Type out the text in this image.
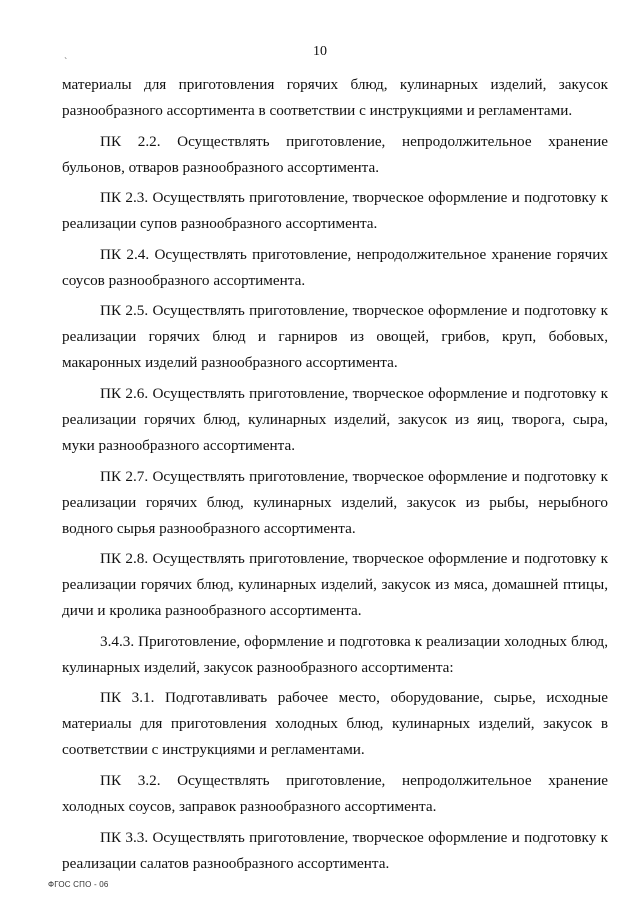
10
ˋ

материалы для приготовления горячих блюд, кулинарных изделий, закусок разнообразного ассортимента в соответствии с инструкциями и регламентами.

ПК 2.2. Осуществлять приготовление, непродолжительное хранение бульонов, отваров разнообразного ассортимента.

ПК 2.3. Осуществлять приготовление, творческое оформление и подготовку к реализации супов разнообразного ассортимента.

ПК 2.4. Осуществлять приготовление, непродолжительное хранение горячих соусов разнообразного ассортимента.

ПК 2.5. Осуществлять приготовление, творческое оформление и подготовку к реализации горячих блюд и гарниров из овощей, грибов, круп, бобовых, макаронных изделий разнообразного ассортимента.

ПК 2.6. Осуществлять приготовление, творческое оформление и подготовку к реализации горячих блюд, кулинарных изделий, закусок из яиц, творога, сыра, муки разнообразного ассортимента.

ПК 2.7. Осуществлять приготовление, творческое оформление и подготовку к реализации горячих блюд, кулинарных изделий, закусок из рыбы, нерыбного водного сырья разнообразного ассортимента.

ПК 2.8. Осуществлять приготовление, творческое оформление и подготовку к реализации горячих блюд, кулинарных изделий, закусок из мяса, домашней птицы, дичи и кролика разнообразного ассортимента.

3.4.3. Приготовление, оформление и подготовка к реализации холодных блюд, кулинарных изделий, закусок разнообразного ассортимента:

ПК 3.1. Подготавливать рабочее место, оборудование, сырье, исходные материалы для приготовления холодных блюд, кулинарных изделий, закусок в соответствии с инструкциями и регламентами.

ПК 3.2. Осуществлять приготовление, непродолжительное хранение холодных соусов, заправок разнообразного ассортимента.

ПК 3.3. Осуществлять приготовление, творческое оформление и подготовку к реализации салатов разнообразного ассортимента.

ФГОС СПО - 06
